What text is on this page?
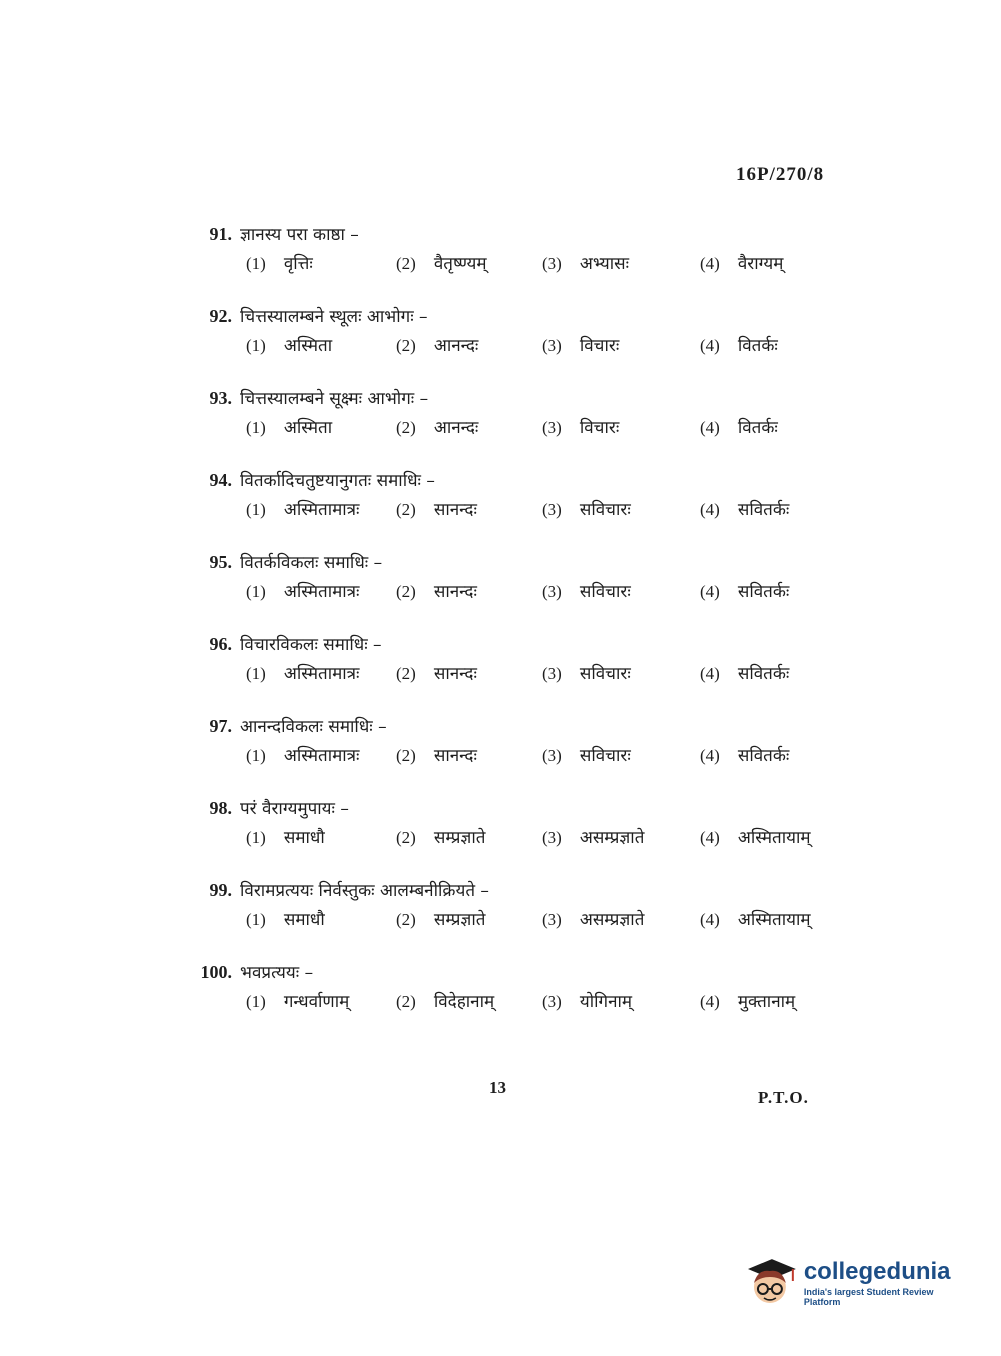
16P/270/8
91. ज्ञानस्य परा काष्ठा –
(1) वृत्तिः	(2) वैतृष्ण्यम्	(3) अभ्यासः	(4) वैराग्यम्
92. चित्तस्यालम्बने स्थूलः आभोगः –
(1) अस्मिता	(2) आनन्दः	(3) विचारः	(4) वितर्कः
93. चित्तस्यालम्बने सूक्ष्मः आभोगः –
(1) अस्मिता	(2) आनन्दः	(3) विचारः	(4) वितर्कः
94. वितर्कादिचतुष्टयानुगतः समाधिः –
(1) अस्मितामात्रः (2) सानन्दः	(3) सविचारः	(4) सवितर्कः
95. वितर्कविकलः समाधिः –
(1) अस्मितामात्रः (2) सानन्दः	(3) सविचारः	(4) सवितर्कः
96. विचारविकलः समाधिः –
(1) अस्मितामात्रः (2) सानन्दः	(3) सविचारः	(4) सवितर्कः
97. आनन्दविकलः समाधिः –
(1) अस्मितामात्रः (2) सानन्दः	(3) सविचारः	(4) सवितर्कः
98. परं वैराग्यमुपायः –
(1) समाधौ	(2) सम्प्रज्ञाते	(3) असम्प्रज्ञाते	(4) अस्मितायाम्
99. विरामप्रत्ययः निर्वस्तुकः आलम्बनीक्रियते –
(1) समाधौ	(2) सम्प्रज्ञाते	(3) असम्प्रज्ञाते	(4) अस्मितायाम्
100. भवप्रत्ययः –
(1) गन्धर्वाणाम्	(2) विदेहानाम्	(3) योगिनाम्	(4) मुक्तानाम्
13
P.T.O.
collegedunia
India's largest Student Review Platform
